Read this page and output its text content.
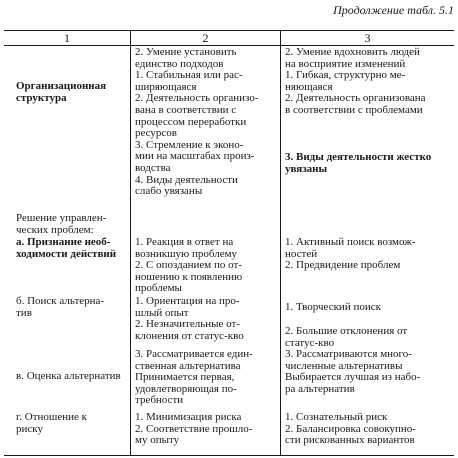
Продолжение табл. 5.1
1	2	3
Организационная
структура
2. Умение установить
единство подходов
1. Стабильная или рас-
ширяющаяся
2. Деятельность организо-
вана в соответствии с
процессом переработки
ресурсов
3. Стремление к эконо-
мии на масштабах произ-
водства
4. Виды деятельности
слабо увязаны
2. Умение вдохновить людей
на восприятие изменений
1. Гибкая, структурно ме-
няющаяся
2. Деятельность организована
в соответствии с проблемами
3. Виды деятельности жестко
увязаны
Решение управлен-
ческих проблем:
а. Признание необ-
ходимости действий
1. Реакция в ответ на
возникшую проблему
2. С опозданием по от-
ношению к появлению
проблемы
1. Активный поиск возмож-
ностей
2. Предвидение проблем
б. Поиск альтерна-
тив
1. Ориентация на про-
шлый опыт
2. Незначительные от-
клонения от статус-кво
1. Творческий поиск
2. Большие отклонения от
статус-кво
в. Оценка альтернатив
3. Рассматривается един-
ственная альтернатива
Принимается первая,
удовлетворяющая по-
требности
3. Рассматриваются много-
численные альтернативы
Выбирается лучшая из набо-
ра альтернатив
г. Отношение к
риску
1. Минимизация риска
2. Соответствие прошло-
му опыту
1. Сознательный риск
2. Балансировка совокупно-
сти рискованных вариантов
